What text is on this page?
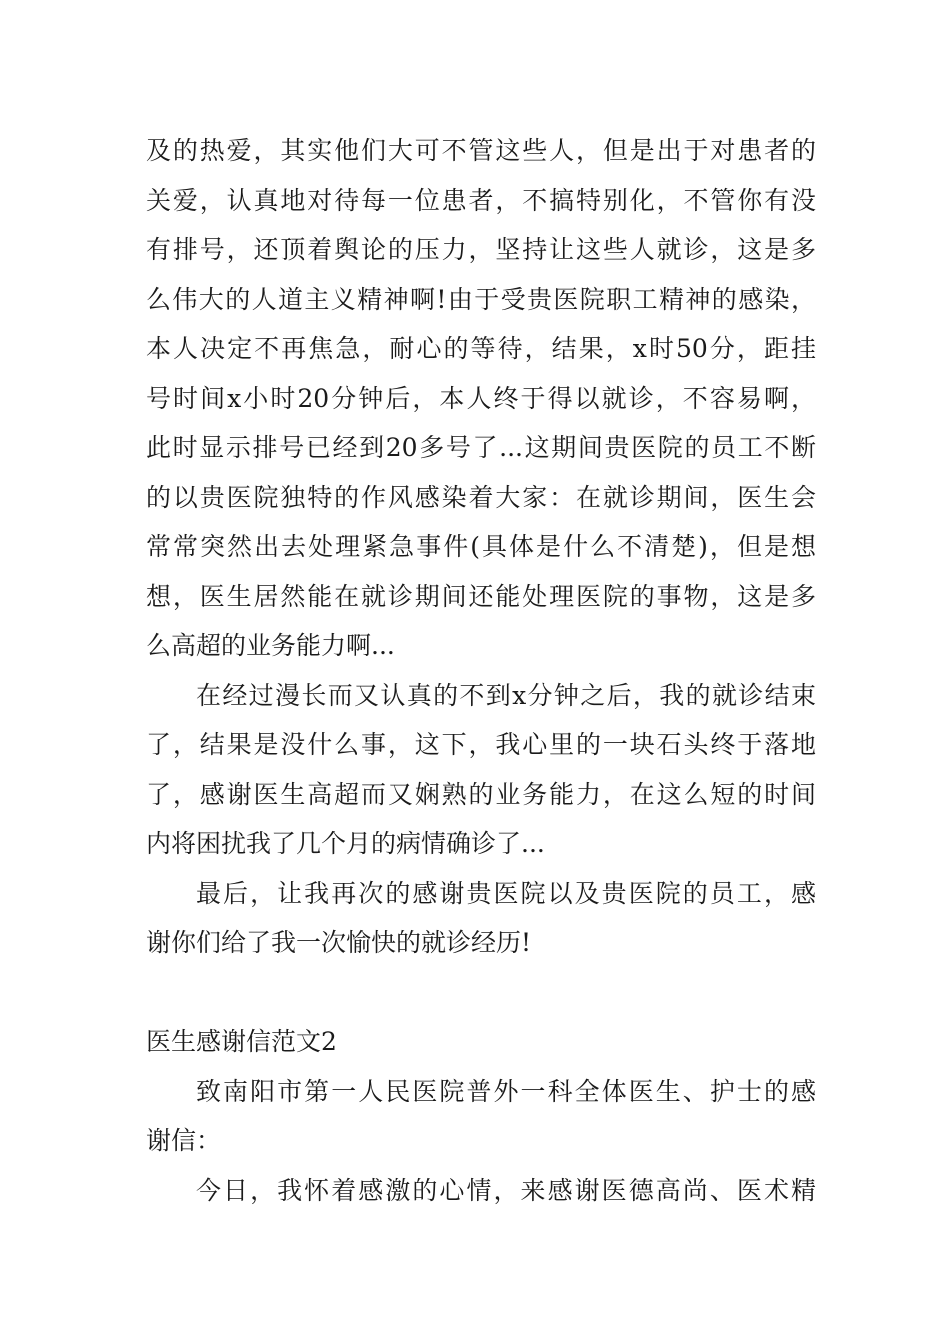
及的热爱，其实他们大可不管这些人，但是出于对患者的
关爱，认真地对待每一位患者，不搞特别化，不管你有没
有排号，还顶着舆论的压力，坚持让这些人就诊，这是多
么伟大的人道主义精神啊!由于受贵医院职工精神的感染，
本人决定不再焦急，耐心的等待，结果，x时50分，距挂
号时间x小时20分钟后，本人终于得以就诊，不容易啊，
此时显示排号已经到20多号了...这期间贵医院的员工不断
的以贵医院独特的作风感染着大家：在就诊期间，医生会
常常突然出去处理紧急事件(具体是什么不清楚)，但是想
想，医生居然能在就诊期间还能处理医院的事物，这是多
么高超的业务能力啊...
在经过漫长而又认真的不到x分钟之后，我的就诊结束
了，结果是没什么事，这下，我心里的一块石头终于落地
了，感谢医生高超而又娴熟的业务能力，在这么短的时间
内将困扰我了几个月的病情确诊了...
最后，让我再次的感谢贵医院以及贵医院的员工，感
谢你们给了我一次愉快的就诊经历!
医生感谢信范文2
致南阳市第一人民医院普外一科全体医生、护士的感
谢信：
今日，我怀着感激的心情，来感谢医德高尚、医术精
